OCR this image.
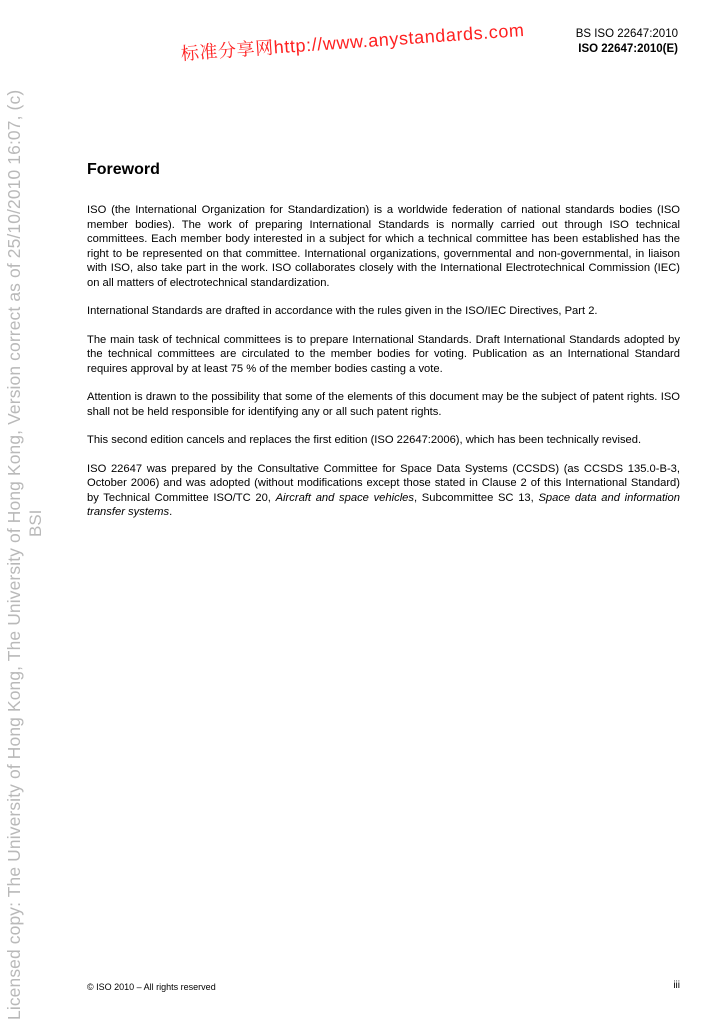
Licensed copy: The University of Hong Kong, The University of Hong Kong, Version correct as of 25/10/2010 16:07, (c) BSI
标准分享网http://www.anystandards.com	BS ISO 22647:2010
ISO 22647:2010(E)
Foreword

ISO (the International Organization for Standardization) is a worldwide federation of national standards bodies (ISO member bodies). The work of preparing International Standards is normally carried out through ISO technical committees. Each member body interested in a subject for which a technical committee has been established has the right to be represented on that committee. International organizations, governmental and non-governmental, in liaison with ISO, also take part in the work. ISO collaborates closely with the International Electrotechnical Commission (IEC) on all matters of electrotechnical standardization.

International Standards are drafted in accordance with the rules given in the ISO/IEC Directives, Part 2.

The main task of technical committees is to prepare International Standards. Draft International Standards adopted by the technical committees are circulated to the member bodies for voting. Publication as an International Standard requires approval by at least 75 % of the member bodies casting a vote.

Attention is drawn to the possibility that some of the elements of this document may be the subject of patent rights. ISO shall not be held responsible for identifying any or all such patent rights.

This second edition cancels and replaces the first edition (ISO 22647:2006), which has been technically revised.

ISO 22647 was prepared by the Consultative Committee for Space Data Systems (CCSDS) (as CCSDS 135.0-B-3, October 2006) and was adopted (without modifications except those stated in Clause 2 of this International Standard) by Technical Committee ISO/TC 20, Aircraft and space vehicles, Subcommittee SC 13, Space data and information transfer systems.

© ISO 2010 – All rights reserved	iii
